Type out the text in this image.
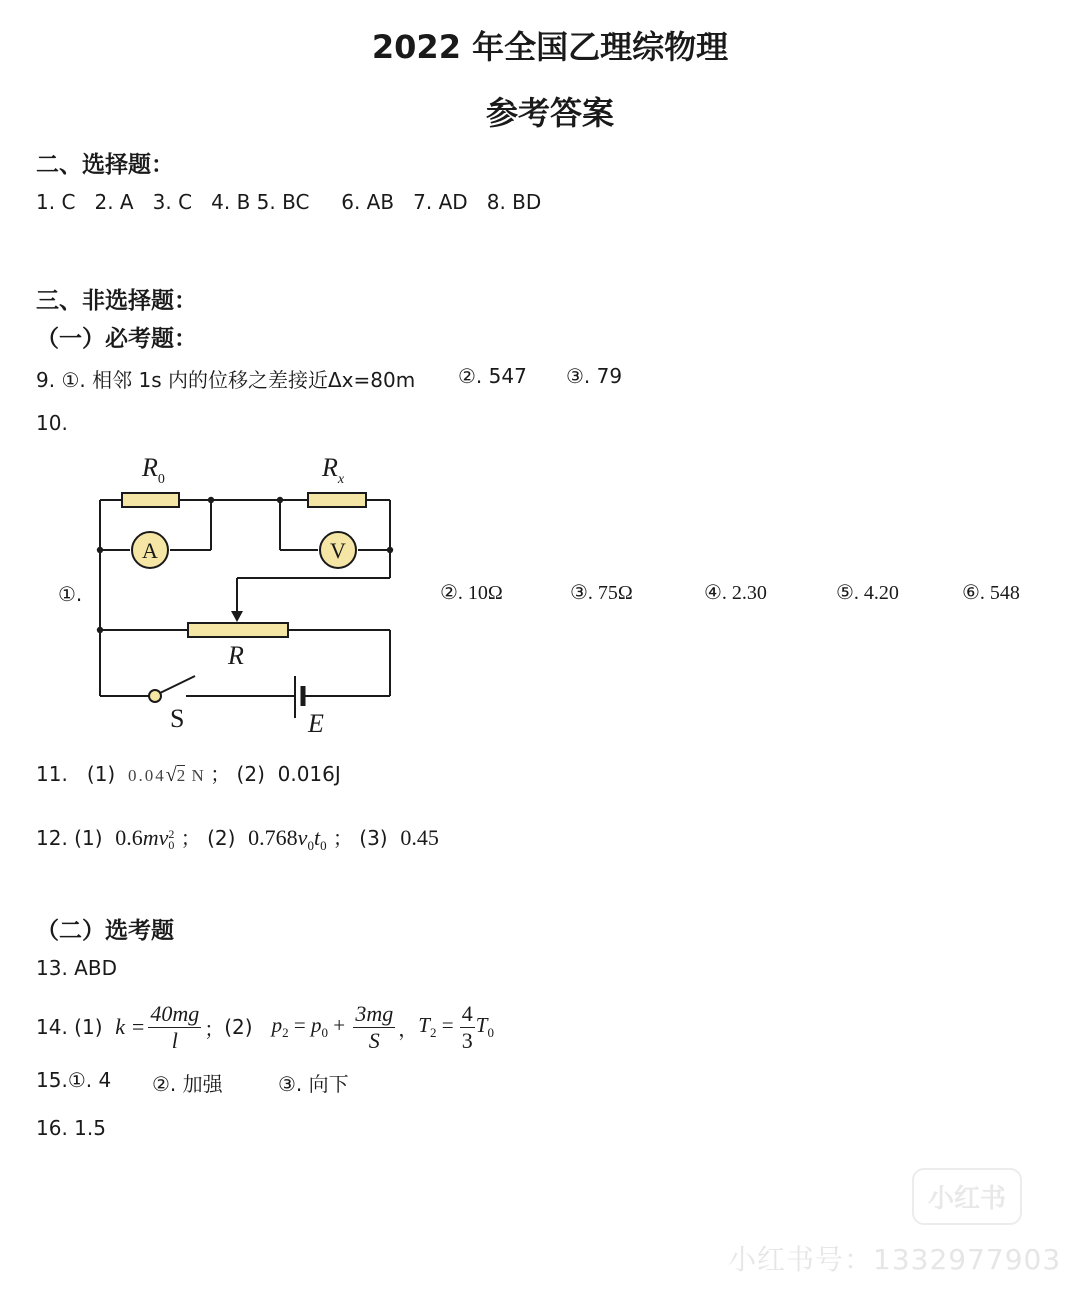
2022 年全国乙理综物理
参考答案
二、选择题：
1. C   2. A   3. C   4. B 5. BC     6. AB   7. AD   8. BD
三、非选择题：
（一）必考题：
9. ①. 相邻 1s 内的位移之差接近Δx=80m ②. 547 ③. 79
10.
①.
$R_0$	$R_x$
A	V
R
S	E
②. 10Ω	③. 75Ω	④. 2.30	⑤. 4.20	⑥. 548
11. (1) 0.04√2 N ； (2) 0.016J
12. (1) 0.6mv 2
0 ； (2) $0.768v_0t_0$ ； (3) 0.45
（二）选考题
13. ABD
14.
(1)
$k = \frac{40mg}{l}$ ； (2)
$p_2 = p_0 + \frac{3mg}{S}$ ， $T_2 = \frac{4}{3} T_0$
15.①. 4 ②. 加强	③. 向下
16. 1.5
小红书
小红书号：1332977903
